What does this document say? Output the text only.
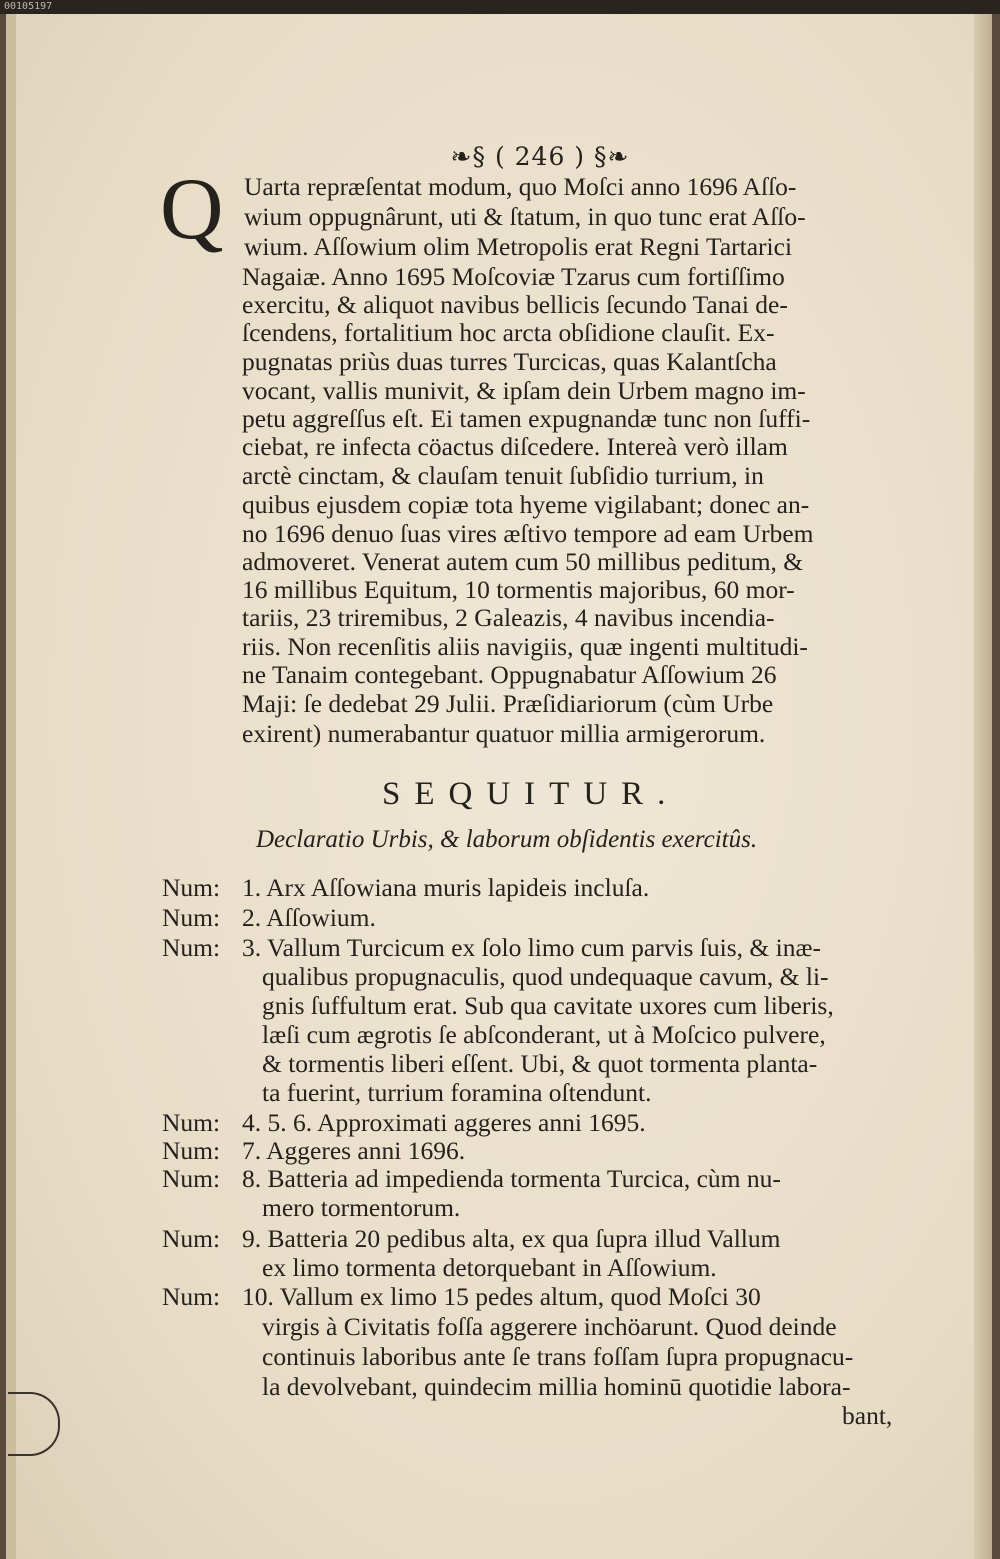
00105197
❧§ ( 246 ) §❧
Q Uarta repræſentat modum, quo Moſci anno 1696 Aſſo-
wium oppugnârunt, uti & ſtatum, in quo tunc erat Aſſo-
wium. Aſſowium olim Metropolis erat Regni Tartarici
Nagaiæ. Anno 1695 Moſcoviæ Tzarus cum fortiſſimo
exercitu, & aliquot navibus bellicis ſecundo Tanai de-
ſcendens, fortalitium hoc arcta obſidione clauſit. Ex-
pugnatas priùs duas turres Turcicas, quas Kalantſcha
vocant, vallis munivit, & ipſam dein Urbem magno im-
petu aggreſſus eſt. Ei tamen expugnandæ tunc non ſuffi-
ciebat, re infecta cöactus diſcedere. Intereà verò illam
arctè cinctam, & clauſam tenuit ſubſidio turrium, in
quibus ejusdem copiæ tota hyeme vigilabant; donec an-
no 1696 denuo ſuas vires æſtivo tempore ad eam Urbem
admoveret. Venerat autem cum 50 millibus peditum, &
16 millibus Equitum, 10 tormentis majoribus, 60 mor-
tariis, 23 triremibus, 2 Galeazis, 4 navibus incendia-
riis. Non recenſitis aliis navigiis, quæ ingenti multitudi-
ne Tanaim contegebant. Oppugnabatur Aſſowium 26
Maji: ſe dedebat 29 Julii. Præſidiariorum (cùm Urbe
exirent) numerabantur quatuor millia armigerorum.
SEQUITUR.
Declaratio Urbis, & laborum obſidentis exercitûs.
Num: 1. Arx Aſſowiana muris lapideis incluſa.
Num: 2. Aſſowium.
Num: 3. Vallum Turcicum ex ſolo limo cum parvis ſuis, & inæ-
qualibus propugnaculis, quod undequaque cavum, & li-
gnis ſuffultum erat. Sub qua cavitate uxores cum liberis,
læſi cum ægrotis ſe abſconderant, ut à Moſcico pulvere,
& tormentis liberi eſſent. Ubi, & quot tormenta planta-
ta fuerint, turrium foramina oſtendunt.
Num: 4. 5. 6. Approximati aggeres anni 1695.
Num: 7. Aggeres anni 1696.
Num: 8. Batteria ad impedienda tormenta Turcica, cùm nu-
mero tormentorum.
Num: 9. Batteria 20 pedibus alta, ex qua ſupra illud Vallum
ex limo tormenta detorquebant in Aſſowium.
Num: 10. Vallum ex limo 15 pedes altum, quod Moſci 30
virgis à Civitatis foſſa aggerere inchöarunt. Quod deinde
continuis laboribus ante ſe trans foſſam ſupra propugnacu-
la devolvebant, quindecim millia hominū quotidie labora-
bant,
